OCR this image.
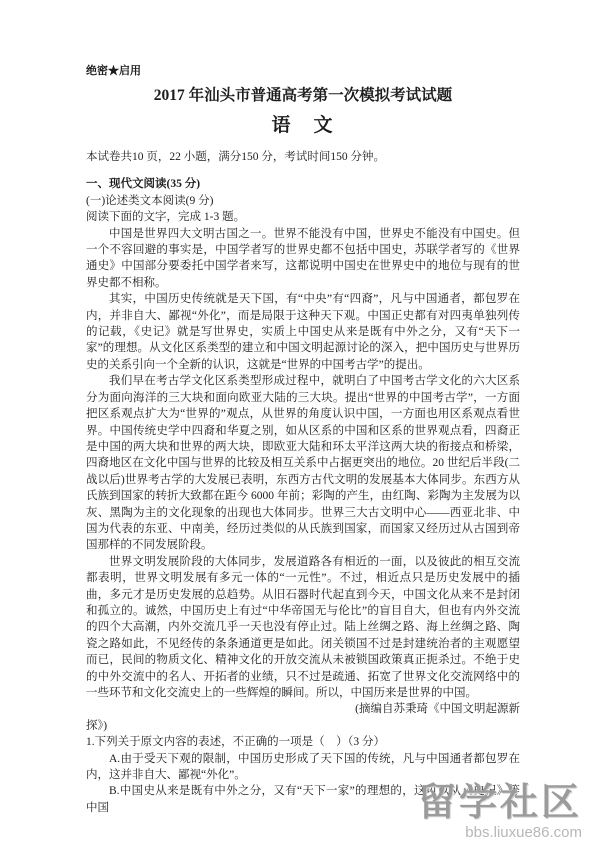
绝密★启用
2017 年汕头市普通高考第一次模拟考试试题
语　文
本试卷共10 页，22 小题，满分150 分，考试时间150 分钟。
一、现代文阅读(35 分)
(一)论述类文本阅读(9 分)
阅读下面的文字，完成 1-3 题。
中国是世界四大文明古国之一。世界不能没有中国，世界史不能没有中国史。但一个不容回避的事实是，中国学者写的世界史都不包括中国史，苏联学者写的《世界通史》中国部分要委托中国学者来写，这都说明中国史在世界史中的地位与现有的世界史都不相称。
其实，中国历史传统就是天下国，有“中央”有“四裔”，凡与中国通者，都包罗在内，并非自大、鄙视“外化”，而是局限于这种天下观。中国正史都有对四夷单独列传的记载，《史记》就是写世界史，实质上中国史从来是既有中外之分，又有“天下一家”的理想。从文化区系类型的建立和中国文明起源讨论的深入，把中国历史与世界历史的关系引向一个全新的认识，这就是“世界的中国考古学”的提出。
我们早在考古学文化区系类型形成过程中，就明白了中国考古学文化的六大区系分为面向海洋的三大块和面向欧亚大陆的三大块。提出“世界的中国考古学”，一方面把区系观点扩大为“世界的”观点，从世界的角度认识中国，一方面也用区系观点看世界。中国传统史学中四裔和华夏之别，如从区系的中国和区系的世界观点看，四裔正是中国的两大块和世界的两大块，即欧亚大陆和环太平洋这两大块的衔接点和桥梁，四裔地区在文化中国与世界的比较及相互关系中占据更突出的地位。20 世纪后半段(二战以后)世界考古学的大发展已表明，东西方古代文明的发展基本大体同步。东西方从氏族到国家的转折大致都在距今 6000 年前；彩陶的产生，由红陶、彩陶为主发展为以灰、黑陶为主的文化现象的出现也大体同步。世界三大古文明中心——西亚北非、中国为代表的东亚、中南美，经历过类似的从氏族到国家，而国家又经历过从古国到帝国那样的不同发展阶段。
世界文明发展阶段的大体同步，发展道路各有相近的一面，以及彼此的相互交流都表明，世界文明发展有多元一体的“一元性”。不过，相近点只是历史发展中的插曲，多元才是历史发展的总趋势。从旧石器时代起直到今天，中国文化从来不是封闭和孤立的。诚然，中国历史上有过“中华帝国无与伦比”的盲目自大，但也有内外交流的四个大高潮，内外交流几乎一天也没有停止过。陆上丝绸之路、海上丝绸之路、陶瓷之路如此，不见经传的条条通道更是如此。闭关锁国不过是封建统治者的主观愿望而已，民间的物质文化、精神文化的开放交流从未被锁国政策真正扼杀过。不绝于史的中外交流中的名人、开拓者的业绩，只不过是疏通、拓宽了世界文化交流网络中的一些环节和文化交流史上的一些辉煌的瞬间。所以，中国历来是世界的中国。
(摘编自苏秉琦《中国文明起源新
探》)
1.下列关于原文内容的表述，不正确的一项是（　）（3 分）
A.由于受天下观的限制，中国历史形成了天下国的传统，凡与中国通者都包罗在内，这并非自大、鄙视“外化”。
B.中国史从来是既有中外之分，又有“天下一家”的理想的，这可以从《史记》等中国	留学社区
bbs.liuxue86.com
